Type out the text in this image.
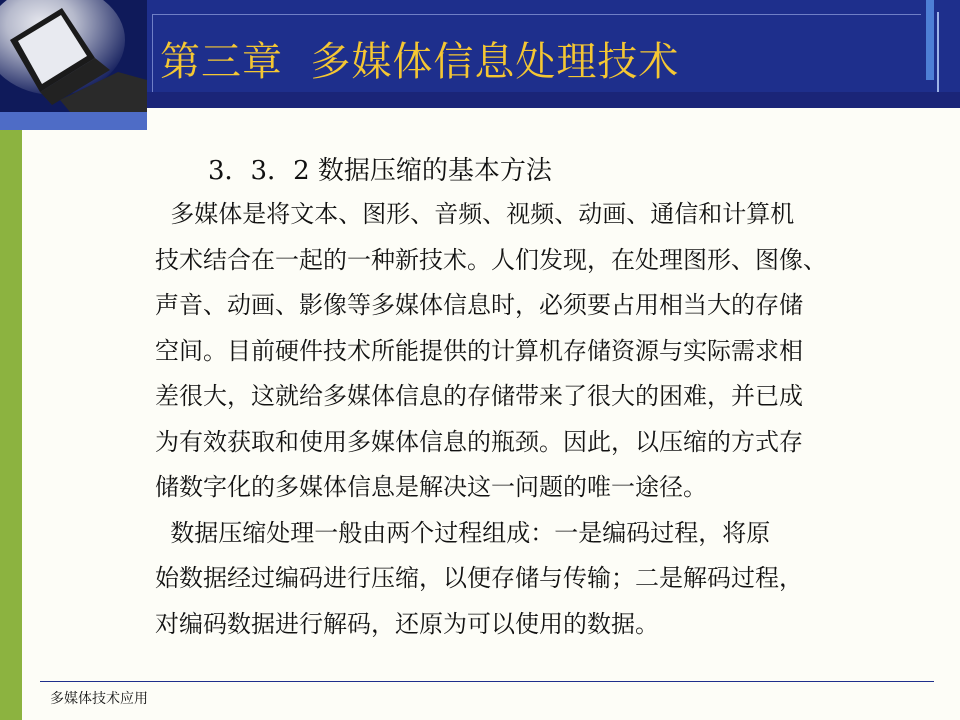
第三章  多媒体信息处理技术
3．3．2 数据压缩的基本方法

多媒体是将文本、图形、音频、视频、动画、通信和计算机

技术结合在一起的一种新技术。人们发现，在处理图形、图像、

声音、动画、影像等多媒体信息时，必须要占用相当大的存储

空间。目前硬件技术所能提供的计算机存储资源与实际需求相

差很大，这就给多媒体信息的存储带来了很大的困难，并已成

为有效获取和使用多媒体信息的瓶颈。因此，以压缩的方式存

储数字化的多媒体信息是解决这一问题的唯一途径。

数据压缩处理一般由两个过程组成：一是编码过程，将原

始数据经过编码进行压缩，以便存储与传输；二是解码过程，

对编码数据进行解码，还原为可以使用的数据。

多媒体技术应用
